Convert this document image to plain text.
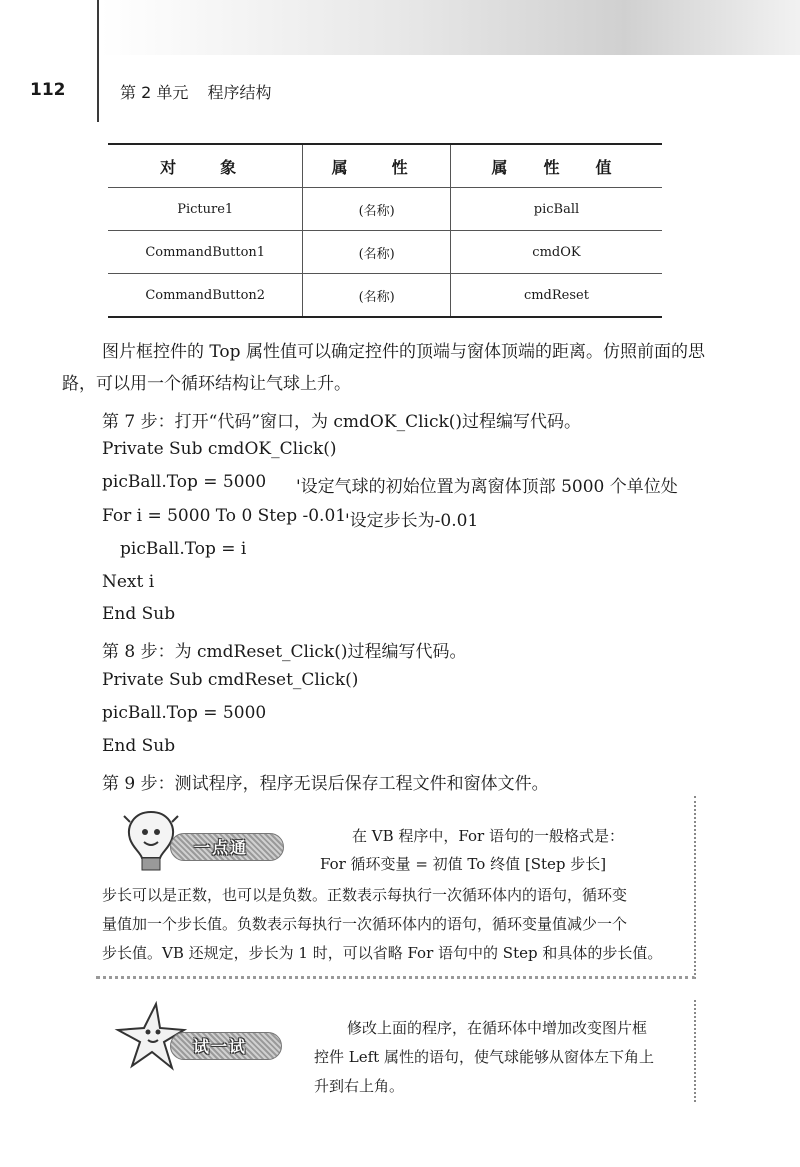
112	第 2 单元 程序结构
对　象	属　性	属　性　值
Picture1	(名称)	picBall
CommandButton1	(名称)	cmdOK
CommandButton2	(名称)	cmdReset
图片框控件的 Top 属性值可以确定控件的顶端与窗体顶端的距离。仿照前面的思路，可以用一个循环结构让气球上升。
第 7 步：打开“代码”窗口，为 cmdOK_Click()过程编写代码。
Private Sub cmdOK_Click()
picBall.Top = 5000 '设定气球的初始位置为离窗体顶部 5000 个单位处
For i = 5000 To 0 Step -0.01
'设定步长为-0.01
picBall.Top = i
Next i
End Sub
第 8 步：为 cmdReset_Click()过程编写代码。
Private Sub cmdReset_Click()
picBall.Top = 5000
End Sub
第 9 步：测试程序，程序无误后保存工程文件和窗体文件。
一点通
在 VB 程序中，For 语句的一般格式是：
For 循环变量 = 初值 To 终值 [Step 步长]
步长可以是正数，也可以是负数。正数表示每执行一次循环体内的语句，循环变
量值加一个步长值。负数表示每执行一次循环体内的语句，循环变量值减少一个
步长值。VB 还规定，步长为 1 时，可以省略 For 语句中的 Step 和具体的步长值。
试一试
修改上面的程序，在循环体中增加改变图片框
控件 Left 属性的语句，使气球能够从窗体左下角上
升到右上角。
